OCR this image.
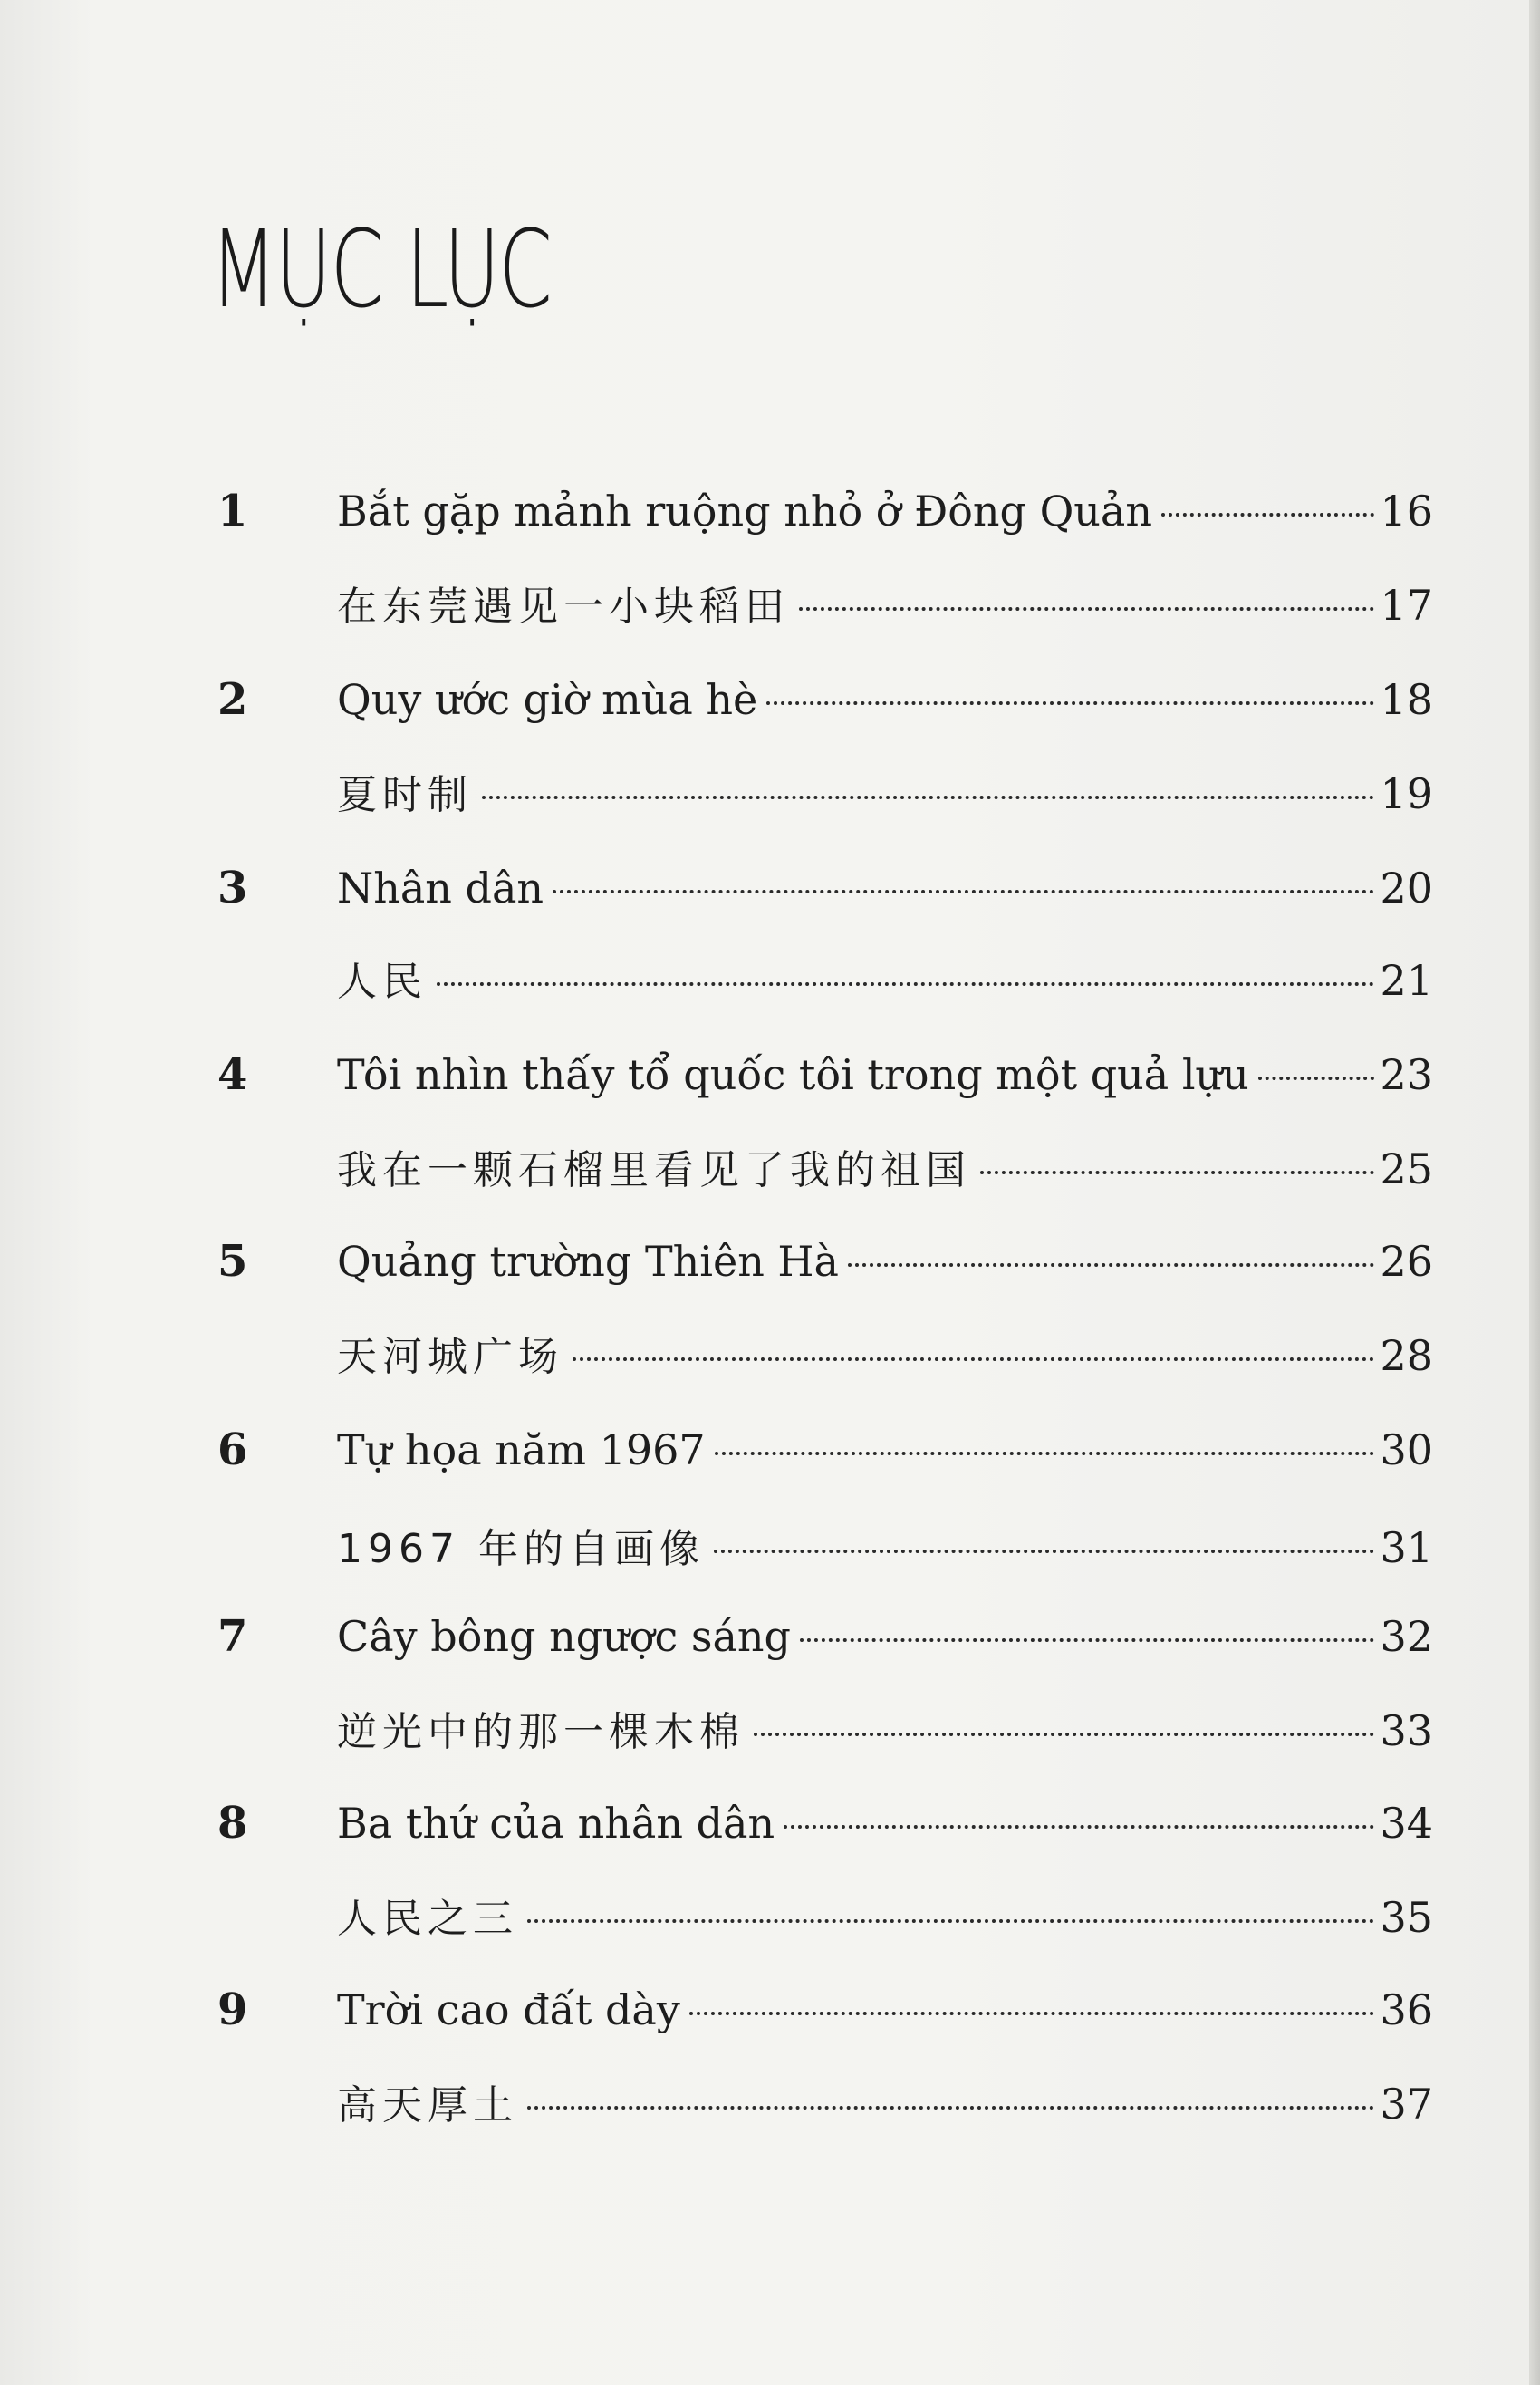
MỤC LỤC
1 Bắt gặp mảnh ruộng nhỏ ở Đông Quản	16
在东莞遇见一小块稻田	17
2 Quy ước giờ mùa hè	18
夏时制	19
3 Nhân dân	20
人民	21
4 Tôi nhìn thấy tổ quốc tôi trong một quả lựu	23
我在一颗石榴里看见了我的祖国	25
5 Quảng trường Thiên Hà	26
天河城广场	28
6 Tự họa năm 1967	30
1967 年的自画像	31
7 Cây bông ngược sáng	32
逆光中的那一棵木棉	33
8 Ba thứ của nhân dân	34
人民之三	35
9 Trời cao đất dày	36
高天厚土	37
